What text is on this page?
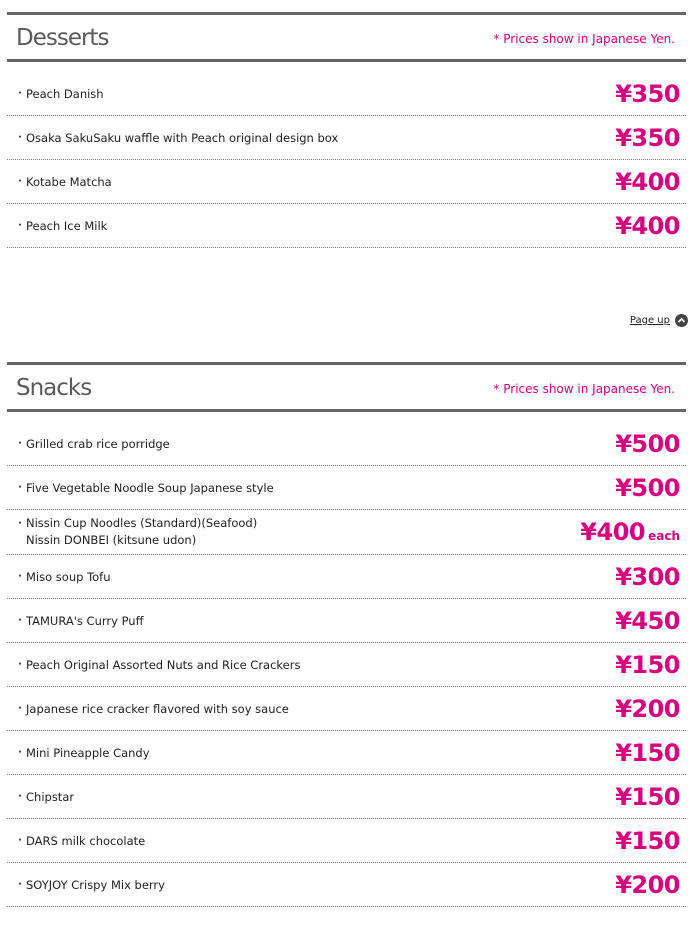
Desserts	* Prices show in Japanese Yen.
・ Peach Danish	¥350
・ Osaka SakuSaku waffle with Peach original design box	¥350
・ Kotabe Matcha	¥400
・ Peach Ice Milk	¥400
Page up
Snacks	* Prices show in Japanese Yen.
・ Grilled crab rice porridge	¥500
・ Five Vegetable Noodle Soup Japanese style	¥500
・ Nissin Cup Noodles (Standard)(Seafood)
Nissin DONBEI (kitsune udon)	¥400 each
・ Miso soup Tofu	¥300
・ TAMURA's Curry Puff	¥450
・ Peach Original Assorted Nuts and Rice Crackers	¥150
・ Japanese rice cracker flavored with soy sauce	¥200
・ Mini Pineapple Candy	¥150
・ Chipstar	¥150
・ DARS milk chocolate	¥150
・ SOYJOY Crispy Mix berry	¥200
